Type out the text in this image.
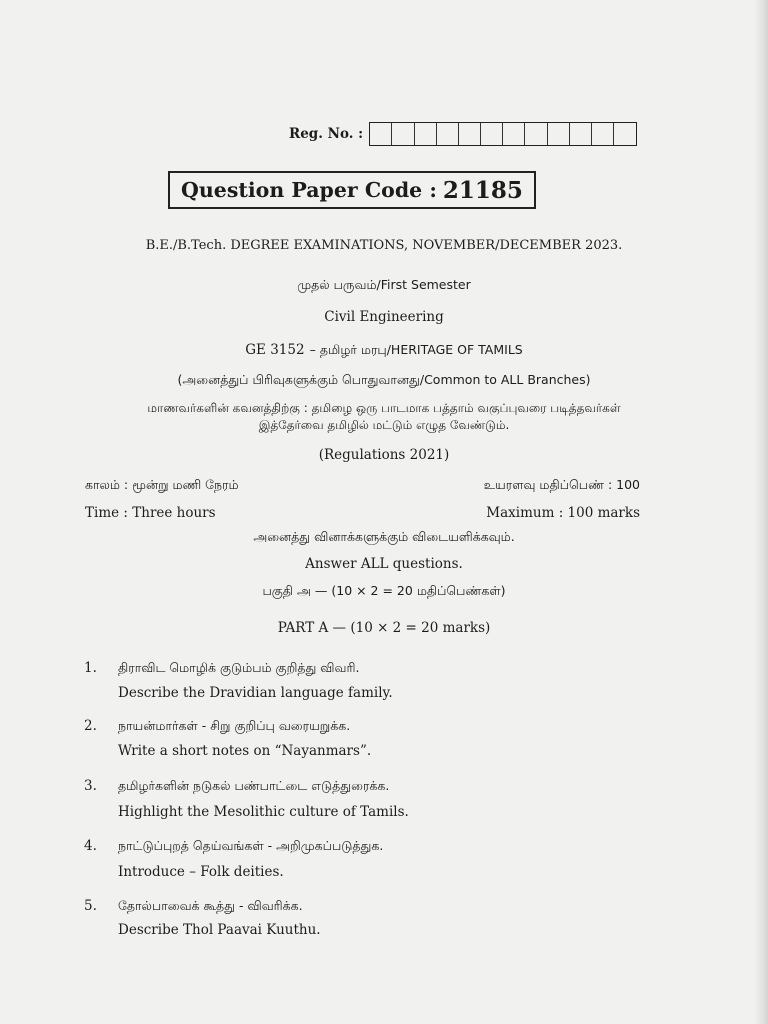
Reg. No. :
Question Paper Code : 21185
B.E./B.Tech. DEGREE EXAMINATIONS, NOVEMBER/DECEMBER 2023.
முதல் பருவம்/First Semester
Civil Engineering
GE 3152 – தமிழர் மரபு/HERITAGE OF TAMILS
(அனைத்துப் பிரிவுகளுக்கும் பொதுவானது/Common to ALL Branches)
மாணவர்களின் கவனத்திற்கு : தமிழை ஒரு பாடமாக பத்தாம் வகுப்புவரை படித்தவர்கள்
இத்தேர்வை தமிழில் மட்டும் எழுத வேண்டும்.
(Regulations 2021)
காலம் : மூன்று மணி நேரம்	உயரளவு மதிப்பெண் : 100
Time : Three hours	Maximum : 100 marks
அனைத்து வினாக்களுக்கும் விடையளிக்கவும்.
Answer ALL questions.
பகுதி அ — (10 × 2 = 20 மதிப்பெண்கள்)
PART A — (10 × 2 = 20 marks)
1. திராவிட மொழிக் குடும்பம் குறித்து விவரி.
Describe the Dravidian language family.
2. நாயன்மார்கள் - சிறு குறிப்பு வரையறுக்க.
Write a short notes on “Nayanmars”.
3. தமிழர்களின் நடுகல் பண்பாட்டை எடுத்துரைக்க.
Highlight the Mesolithic culture of Tamils.
4. நாட்டுப்புறத் தெய்வங்கள் - அறிமுகப்படுத்துக.
Introduce – Folk deities.
5. தோல்பாவைக் கூத்து - விவரிக்க.
Describe Thol Paavai Kuuthu.
